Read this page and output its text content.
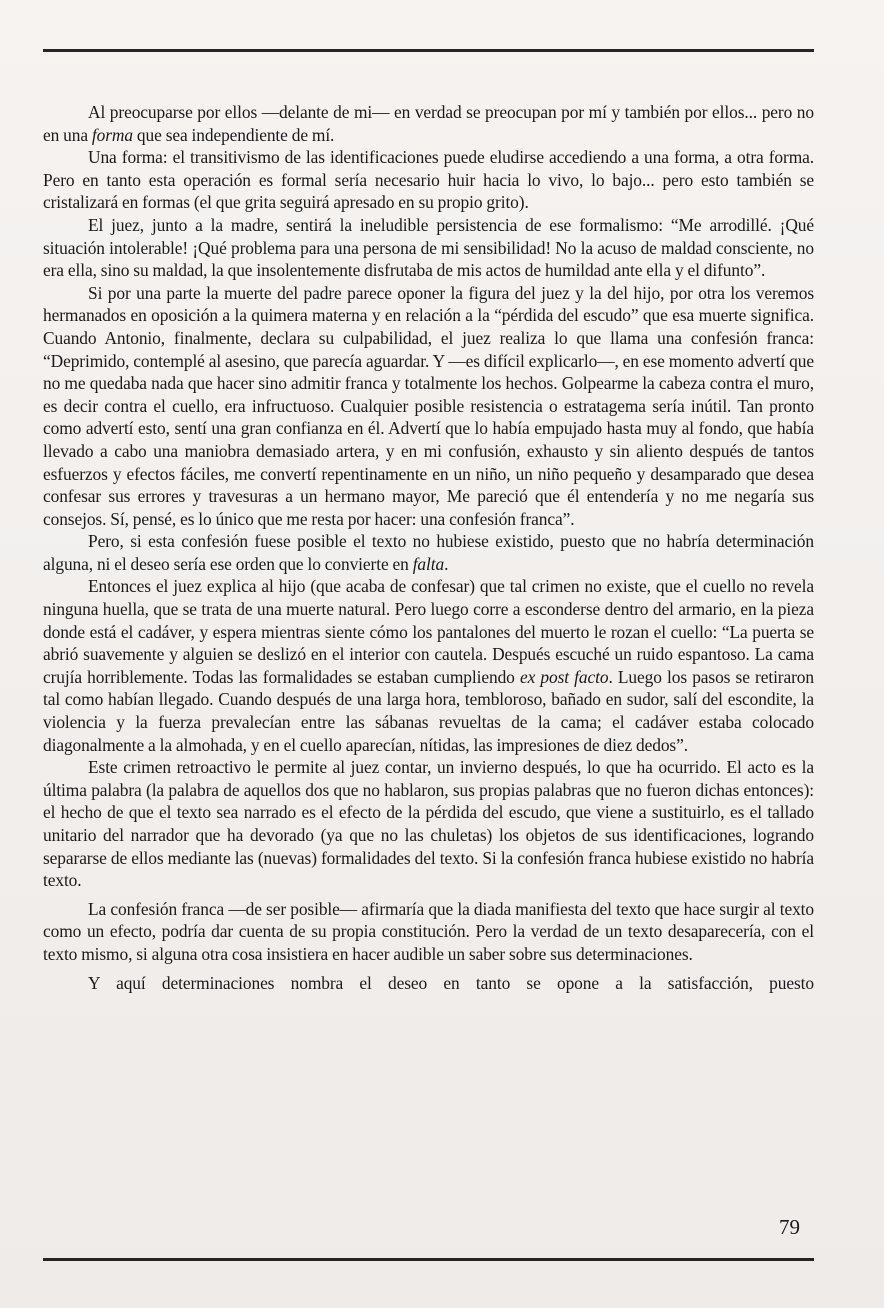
Al preocuparse por ellos —delante de mi— en verdad se preocupan por mí y también por ellos... pero no en una forma que sea independiente de mí.

Una forma: el transitivismo de las identificaciones puede eludirse accediendo a una forma, a otra forma. Pero en tanto esta operación es formal sería necesario huir hacia lo vivo, lo bajo... pero esto también se cristalizará en formas (el que grita seguirá apresado en su propio grito).

El juez, junto a la madre, sentirá la ineludible persistencia de ese formalismo: “Me arrodillé. ¡Qué situación intolerable! ¡Qué problema para una persona de mi sensibilidad! No la acuso de maldad consciente, no era ella, sino su maldad, la que insolentemente disfrutaba de mis actos de humildad ante ella y el difunto”.

Si por una parte la muerte del padre parece oponer la figura del juez y la del hijo, por otra los veremos hermanados en oposición a la quimera materna y en relación a la “pérdida del escudo” que esa muerte significa. Cuando Antonio, finalmente, declara su culpabilidad, el juez realiza lo que llama una confesión franca: “Deprimido, contemplé al asesino, que parecía aguardar. Y —es difícil explicarlo—, en ese momento advertí que no me quedaba nada que hacer sino admitir franca y totalmente los hechos. Golpearme la cabeza contra el muro, es decir contra el cuello, era infructuoso. Cualquier posible resistencia o estratagema sería inútil. Tan pronto como advertí esto, sentí una gran confianza en él. Advertí que lo había empujado hasta muy al fondo, que había llevado a cabo una maniobra demasiado artera, y en mi confusión, exhausto y sin aliento después de tantos esfuerzos y efectos fáciles, me convertí repentinamente en un niño, un niño pequeño y desamparado que desea confesar sus errores y travesuras a un hermano mayor, Me pareció que él entendería y no me negaría sus consejos. Sí, pensé, es lo único que me resta por hacer: una confesión franca”.

Pero, si esta confesión fuese posible el texto no hubiese existido, puesto que no habría determinación alguna, ni el deseo sería ese orden que lo convierte en falta.

Entonces el juez explica al hijo (que acaba de confesar) que tal crimen no existe, que el cuello no revela ninguna huella, que se trata de una muerte natural. Pero luego corre a esconderse dentro del armario, en la pieza donde está el cadáver, y espera mientras siente cómo los pantalones del muerto le rozan el cuello: “La puerta se abrió suavemente y alguien se deslizó en el interior con cautela. Después escuché un ruido espantoso. La cama crujía horriblemente. Todas las formalidades se estaban cumpliendo ex post facto. Luego los pasos se retiraron tal como habían llegado. Cuando después de una larga hora, tembloroso, bañado en sudor, salí del escondite, la violencia y la fuerza prevalecían entre las sábanas revueltas de la cama; el cadáver estaba colocado diagonalmente a la almohada, y en el cuello aparecían, nítidas, las impresiones de diez dedos”.

Este crimen retroactivo le permite al juez contar, un invierno después, lo que ha ocurrido. El acto es la última palabra (la palabra de aquellos dos que no hablaron, sus propias palabras que no fueron dichas entonces): el hecho de que el texto sea narrado es el efecto de la pérdida del escudo, que viene a sustituirlo, es el tallado unitario del narrador que ha devorado (ya que no las chuletas) los objetos de sus identificaciones, logrando separarse de ellos mediante las (nuevas) formalidades del texto. Si la confesión franca hubiese existido no habría texto.

La confesión franca —de ser posible— afirmaría que la diada manifiesta del texto que hace surgir al texto como un efecto, podría dar cuenta de su propia constitución. Pero la verdad de un texto desaparecería, con el texto mismo, si alguna otra cosa insistiera en hacer audible un saber sobre sus determinaciones.

Y aquí determinaciones nombra el deseo en tanto se opone a la satisfacción, puesto

79
